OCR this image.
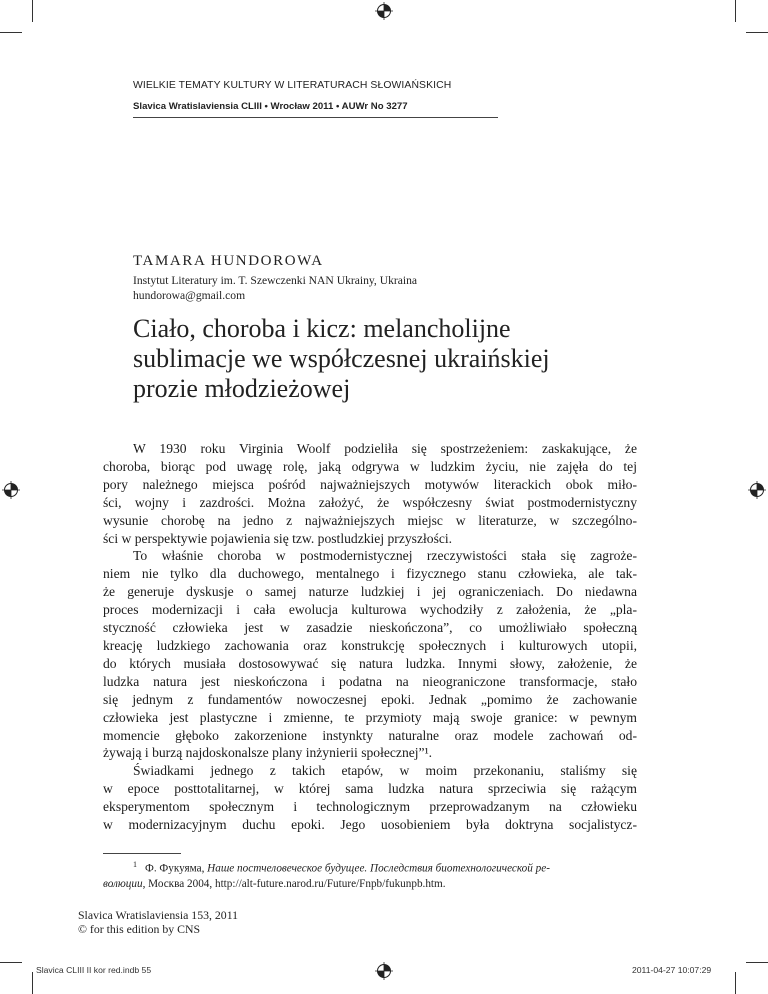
WIELKIE TEMATY KULTURY W LITERATURACH SŁOWIAŃSKICH
Slavica Wratislaviensia CLIII • Wrocław 2011 • AUWr No 3277
TAMARA HUNDOROWA
Instytut Literatury im. T. Szewczenki NAN Ukrainy, Ukraina
hundorowa@gmail.com
Ciało, choroba i kicz: melancholijne
sublimacje we współczesnej ukraińskiej
prozie młodzieżowej
W 1930 roku Virginia Woolf podzieliła się spostrzeżeniem: zaskakujące, że
choroba, biorąc pod uwagę rolę, jaką odgrywa w ludzkim życiu, nie zajęła do tej
pory należnego miejsca pośród najważniejszych motywów literackich obok miło-
ści, wojny i zazdrości. Można założyć, że współczesny świat postmodernistyczny
wysunie chorobę na jedno z najważniejszych miejsc w literaturze, w szczególno-
ści w perspektywie pojawienia się tzw. postludzkiej przyszłości.
To właśnie choroba w postmodernistycznej rzeczywistości stała się zagroże-
niem nie tylko dla duchowego, mentalnego i fizycznego stanu człowieka, ale tak-
że generuje dyskusje o samej naturze ludzkiej i jej ograniczeniach. Do niedawna
proces modernizacji i cała ewolucja kulturowa wychodziły z założenia, że „pla-
styczność człowieka jest w zasadzie nieskończona”, co umożliwiało społeczną
kreację ludzkiego zachowania oraz konstrukcję społecznych i kulturowych utopii,
do których musiała dostosowywać się natura ludzka. Innymi słowy, założenie, że
ludzka natura jest nieskończona i podatna na nieograniczone transformacje, stało
się jednym z fundamentów nowoczesnej epoki. Jednak „pomimo że zachowanie
człowieka jest plastyczne i zmienne, te przymioty mają swoje granice: w pewnym
momencie głęboko zakorzenione instynkty naturalne oraz modele zachowań od-
żywają i burzą najdoskonalsze plany inżynierii społecznej”¹.
Świadkami jednego z takich etapów, w moim przekonaniu, staliśmy się
w epoce posttotalitarnej, w której sama ludzka natura sprzeciwia się rażącym
eksperymentom społecznym i technologicznym przeprowadzanym na człowieku
w modernizacyjnym duchu epoki. Jego uosobieniem była doktryna socjalistycz-
$^1$ Ф. Фукуяма, Наше постчеловеческое будущее. Последствия биотехнологической ре-
волюции, Москва 2004, http://alt-future.narod.ru/Future/Fnpb/fukunpb.htm.
Slavica Wratislaviensia 153, 2011
© for this edition by CNS
Slavica CLIII II kor red.indb 55	2011-04-27 10:07:29
